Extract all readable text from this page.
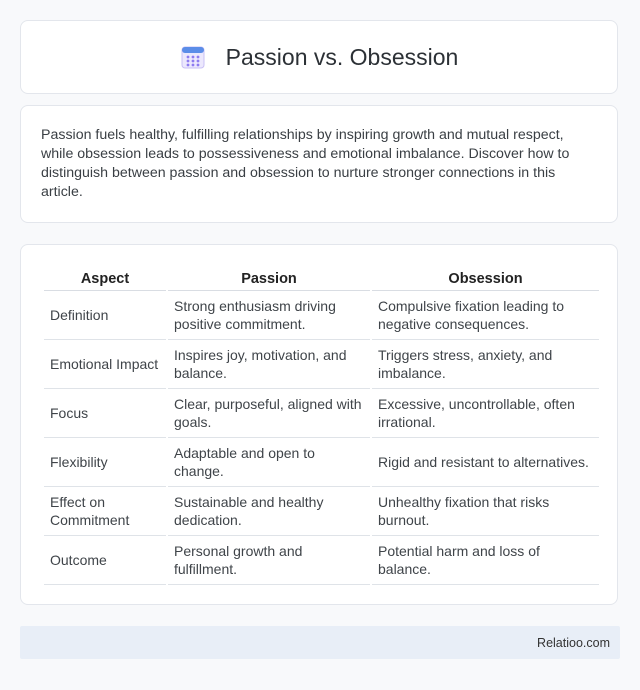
Passion vs. Obsession

Passion fuels healthy, fulfilling relationships by inspiring growth and mutual respect, while obsession leads to possessiveness and emotional imbalance. Discover how to distinguish between passion and obsession to nurture stronger connections in this article.

Aspect	Passion	Obsession
Definition	Strong enthusiasm driving positive commitment.	Compulsive fixation leading to negative consequences.
Emotional Impact	Inspires joy, motivation, and balance.	Triggers stress, anxiety, and imbalance.
Focus	Clear, purposeful, aligned with goals.	Excessive, uncontrollable, often irrational.
Flexibility	Adaptable and open to change.	Rigid and resistant to alternatives.
Effect on Commitment	Sustainable and healthy dedication.	Unhealthy fixation that risks burnout.
Outcome	Personal growth and fulfillment.	Potential harm and loss of balance.
Relatioo.com
